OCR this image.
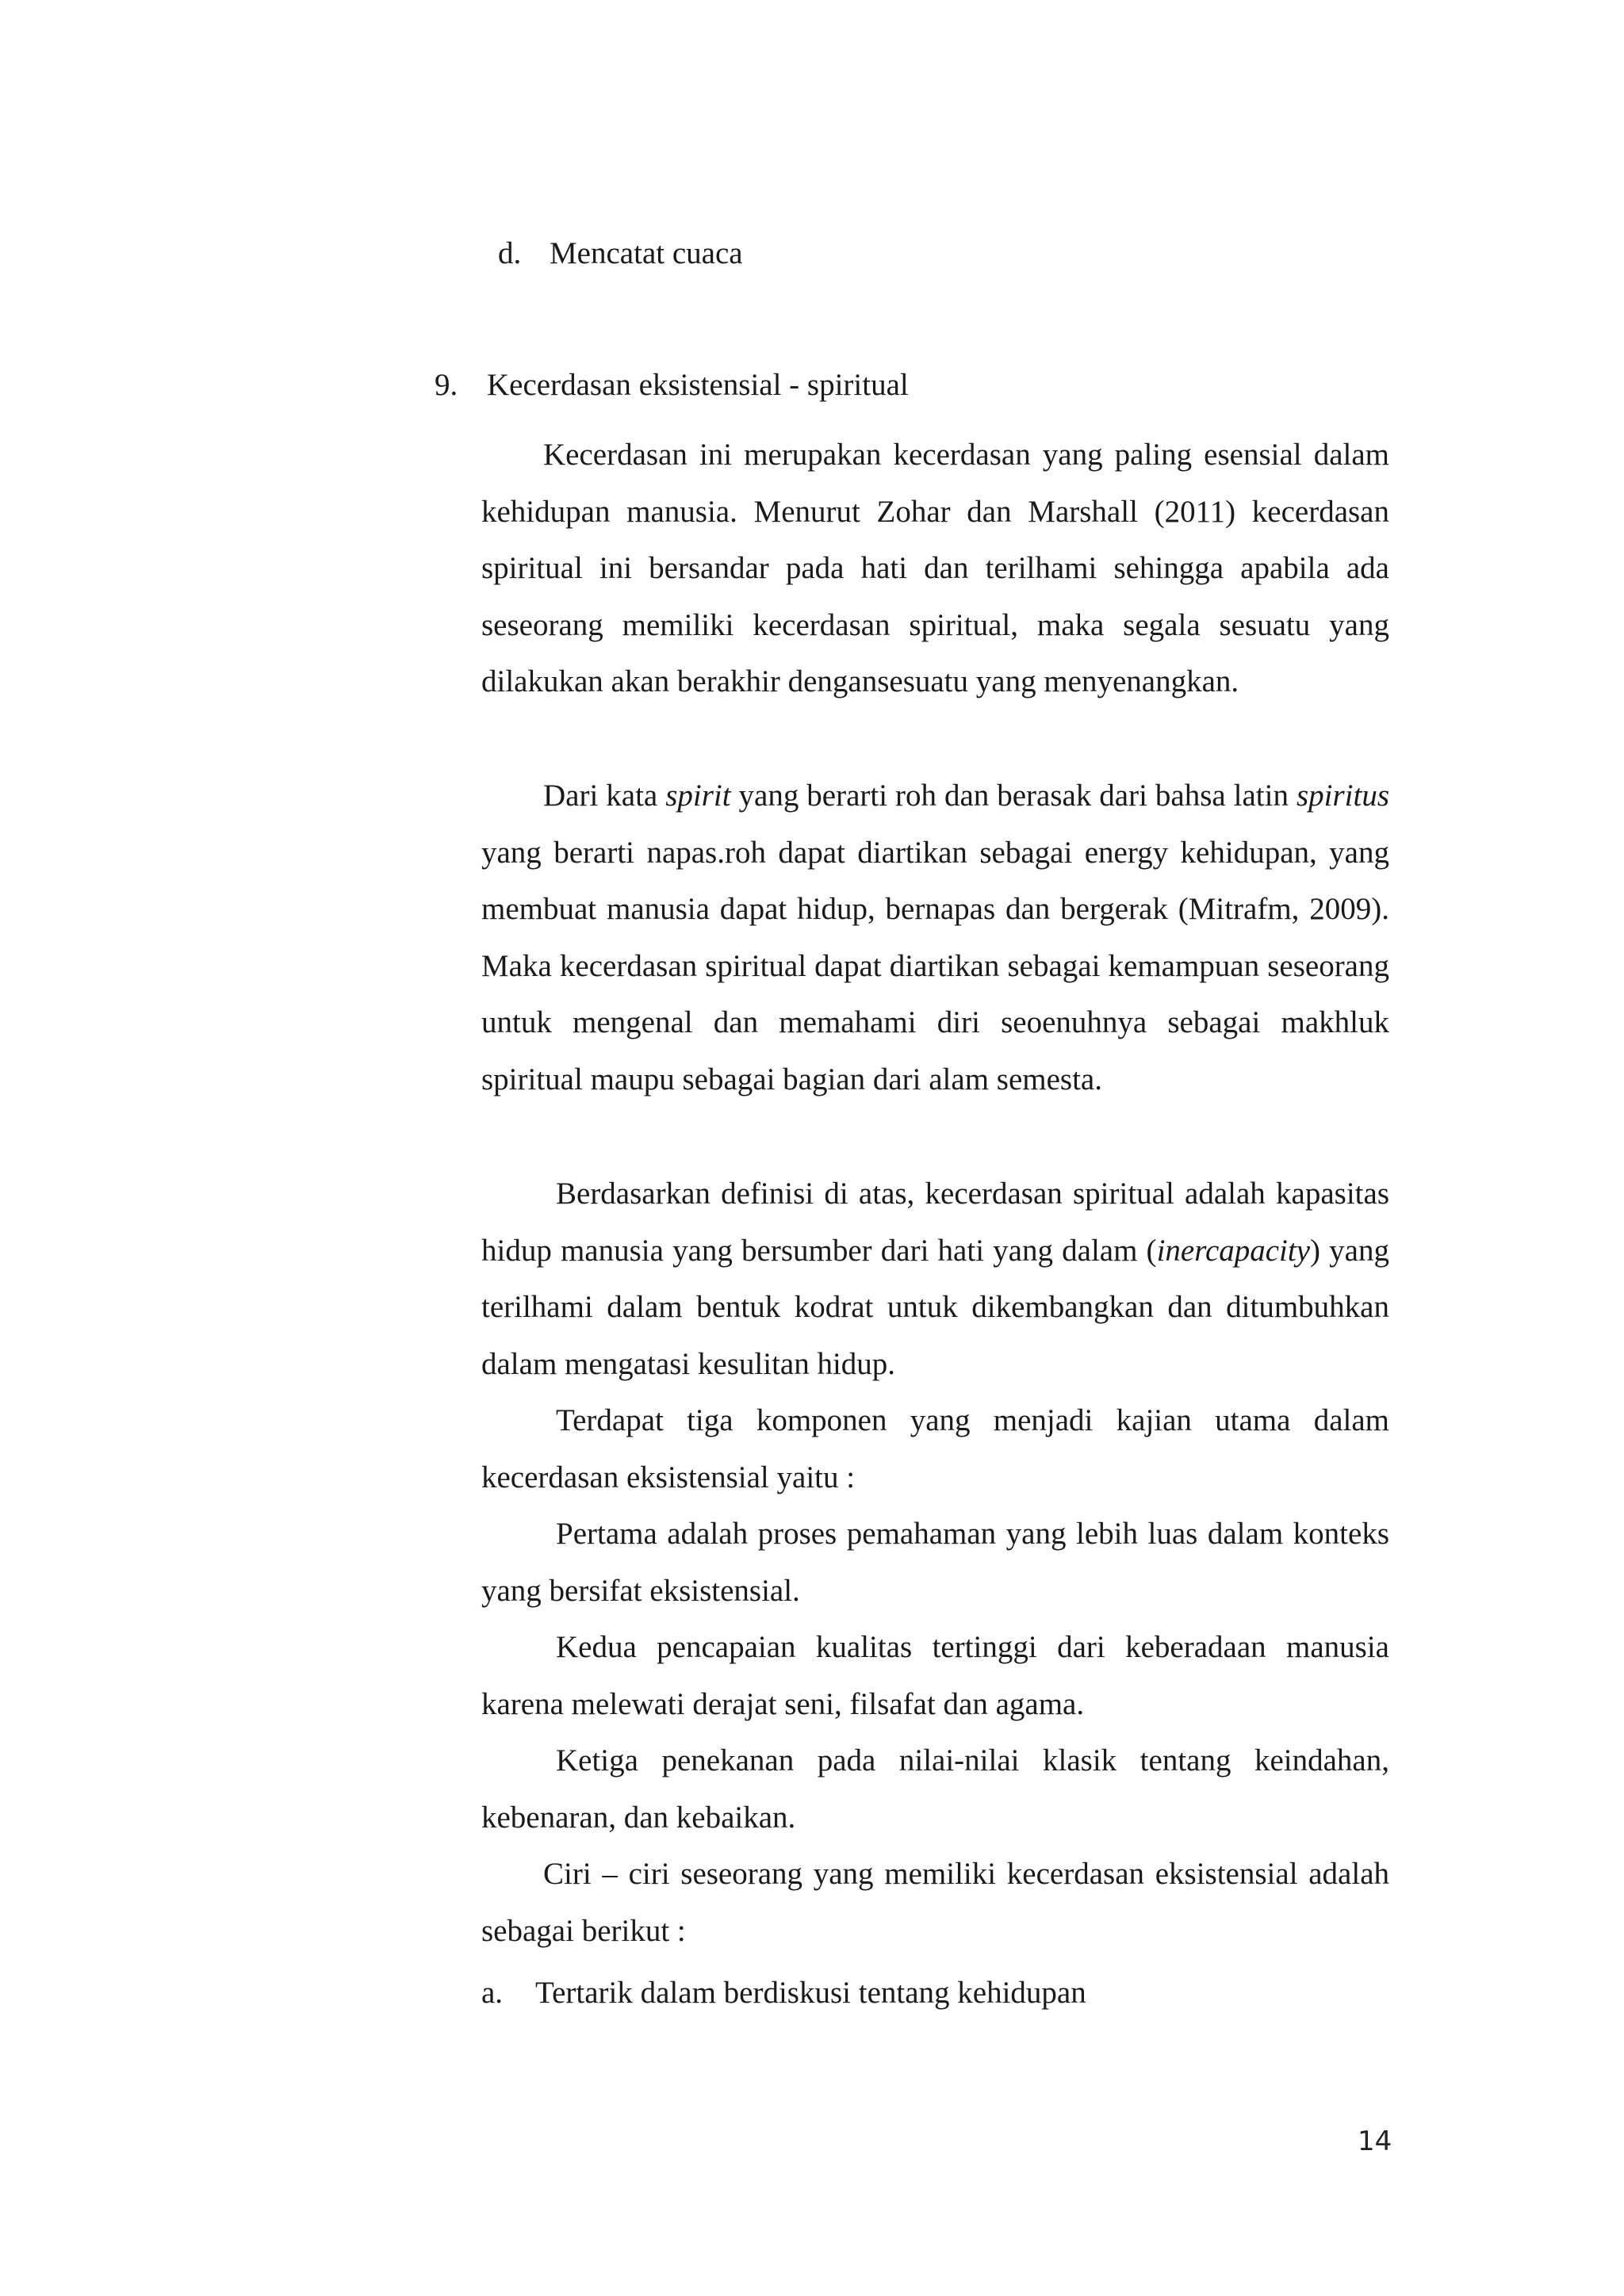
d. Mencatat cuaca
9. Kecerdasan eksistensial - spiritual

Kecerdasan ini merupakan kecerdasan yang paling esensial dalam kehidupan manusia. Menurut Zohar dan Marshall (2011) kecerdasan spiritual ini bersandar pada hati dan terilhami sehingga apabila ada seseorang memiliki kecerdasan spiritual, maka segala sesuatu yang dilakukan akan berakhir dengansesuatu yang menyenangkan.

Dari kata spirit yang berarti roh dan berasak dari bahsa latin spiritus yang berarti napas.roh dapat diartikan sebagai energy kehidupan, yang membuat manusia dapat hidup, bernapas dan bergerak (Mitrafm, 2009). Maka kecerdasan spiritual dapat diartikan sebagai kemampuan seseorang untuk mengenal dan memahami diri seoenuhnya sebagai makhluk spiritual maupu sebagai bagian dari alam semesta.

Berdasarkan definisi di atas, kecerdasan spiritual adalah kapasitas hidup manusia yang bersumber dari hati yang dalam (inercapacity) yang terilhami dalam bentuk kodrat untuk dikembangkan dan ditumbuhkan dalam mengatasi kesulitan hidup.

Terdapat tiga komponen yang menjadi kajian utama dalam kecerdasan eksistensial yaitu :

Pertama adalah proses pemahaman yang lebih luas dalam konteks yang bersifat eksistensial.

Kedua pencapaian kualitas tertinggi dari keberadaan manusia karena melewati derajat seni, filsafat dan agama.

Ketiga penekanan pada nilai-nilai klasik tentang keindahan, kebenaran, dan kebaikan.

Ciri – ciri seseorang yang memiliki kecerdasan eksistensial adalah sebagai berikut :

a. Tertarik dalam berdiskusi tentang kehidupan
14
